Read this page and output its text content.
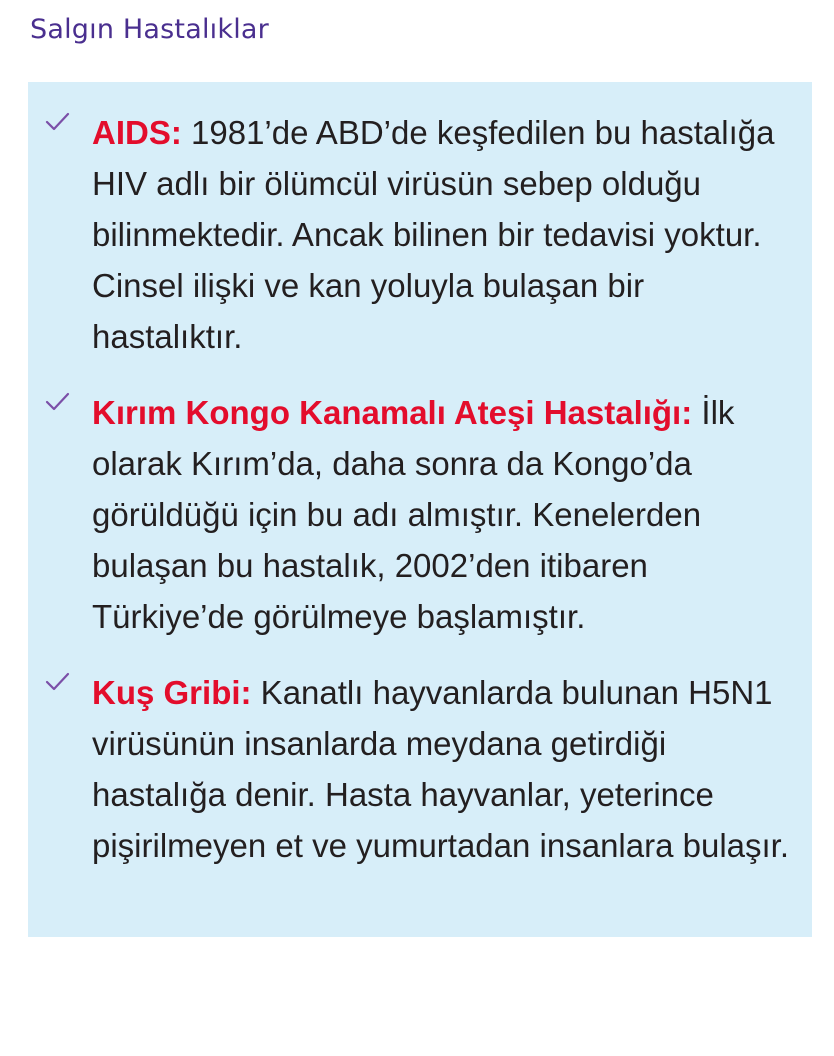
Salgın Hastalıklar

AIDS: 1981’de ABD’de keşfedilen bu hastalığa HIV adlı bir ölümcül virüsün sebep olduğu bilinmektedir. Ancak bilinen bir tedavisi yoktur. Cinsel ilişki ve kan yoluyla bulaşan bir hastalıktır.

Kırım Kongo Kanamalı Ateşi Hastalığı: İlk olarak Kırım’da, daha sonra da Kongo’da görüldüğü için bu adı almıştır. Kenelerden bulaşan bu hastalık, 2002’den itibaren Türkiye’de görülmeye başlamıştır.

Kuş Gribi: Kanatlı hayvanlarda bulunan H5N1 virüsünün insanlarda meydana getirdiği hastalığa denir. Hasta hayvanlar, yeterince pişirilmeyen et ve yumurtadan insanlara bulaşır.
